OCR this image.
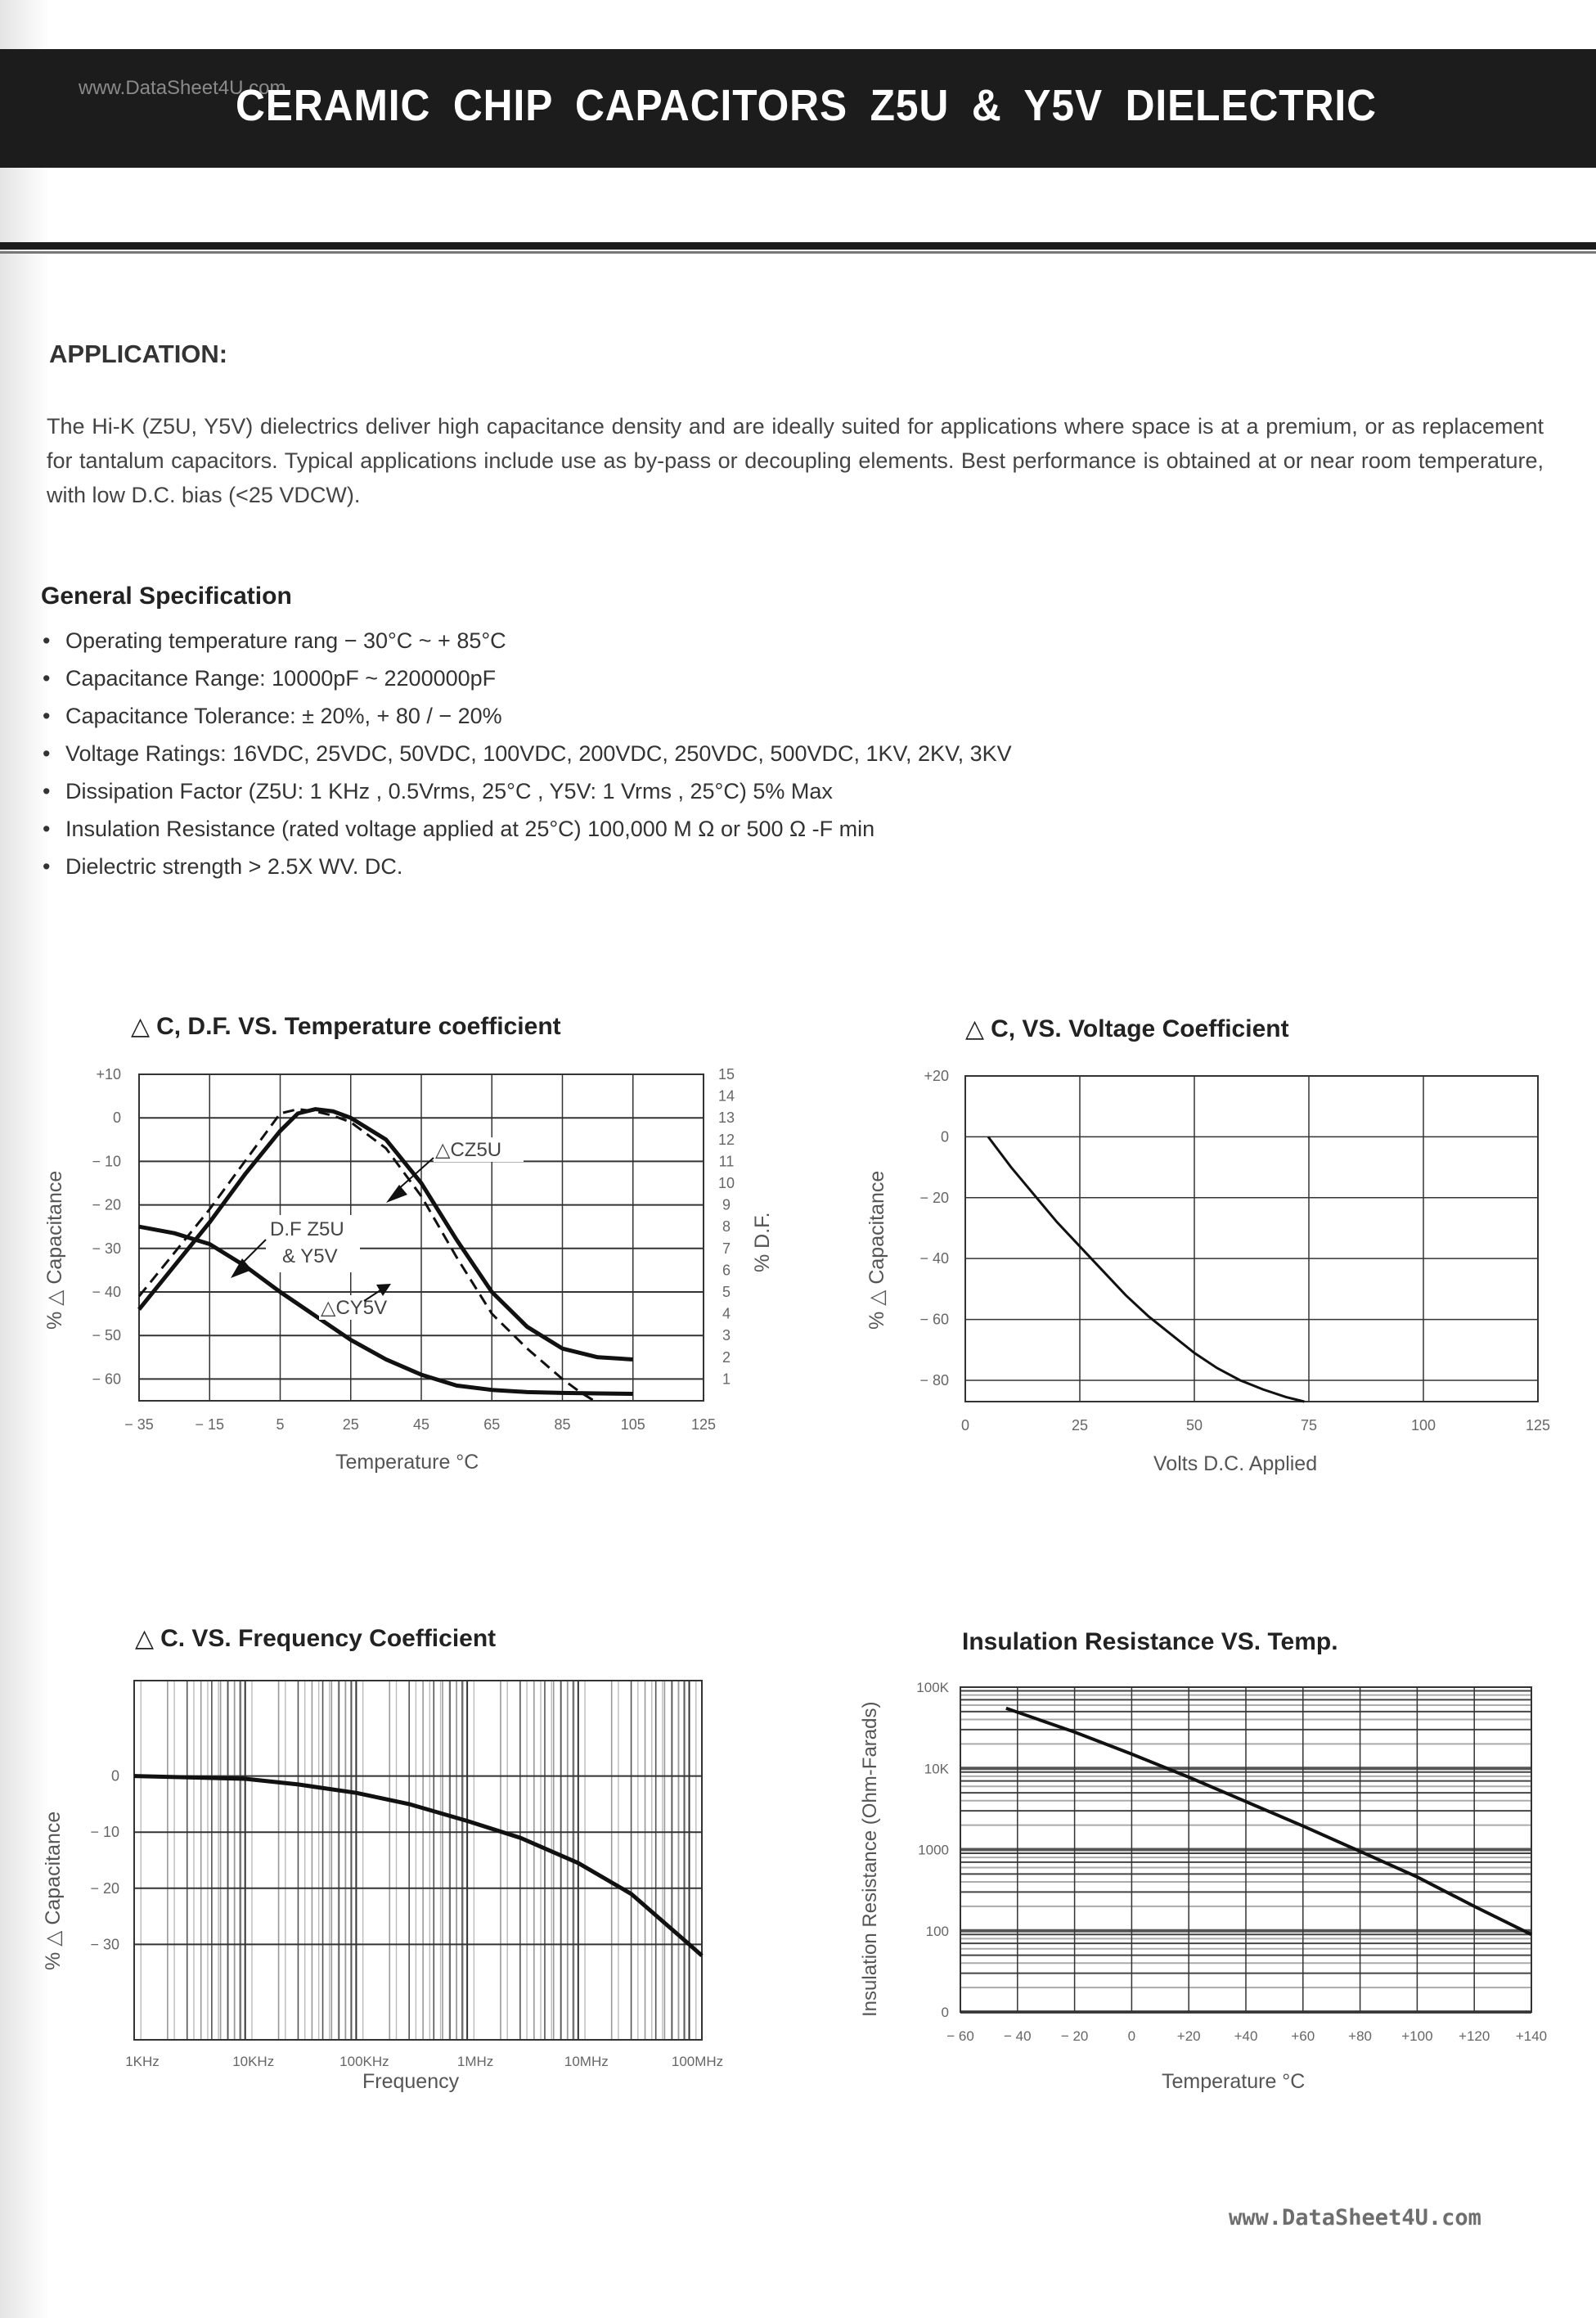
www.DataSheet4U.com
CERAMIC CHIP CAPACITORS Z5U & Y5V DIELECTRIC
APPLICATION:
The Hi-K (Z5U, Y5V) dielectrics deliver high capacitance density and are ideally suited for applications where space is at a premium, or as replacement for tantalum capacitors. Typical applications include use as by-pass or decoupling elements. Best performance is obtained at or near room temperature, with low D.C. bias (<25 VDCW).
General Specification
• Operating temperature rang − 30°C ~ + 85°C
• Capacitance Range: 10000pF ~ 2200000pF
• Capacitance Tolerance: ± 20%, + 80 / − 20%
• Voltage Ratings: 16VDC, 25VDC, 50VDC, 100VDC, 200VDC, 250VDC, 500VDC, 1KV, 2KV, 3KV
• Dissipation Factor (Z5U: 1 KHz , 0.5Vrms, 25°C , Y5V: 1 Vrms , 25°C) 5% Max
• Insulation Resistance (rated voltage applied at 25°C) 100,000 M Ω or 500 Ω -F min
• Dielectric strength > 2.5X WV. DC.
△ C, D.F. VS. Temperature coefficient
% △ Capacitance	% D.F.
Temperature °C
− 35	− 15	5	25	45	65	85	105	125
+10
0
− 10
− 20
− 30
− 40
− 50
− 60
15
14
13
12
11
10
9
8
7
6
5
4
3
2
1
△CZ5U
D.F Z5U
& Y5V
△CY5V
△ C, VS. Voltage Coefficient
% △ Capacitance
Volts D.C. Applied
0	25	50	75	100	125
+20
0
− 20
− 40
− 60
− 80
△ C. VS. Frequency Coefficient
% △ Capacitance
Frequency
1KHz	10KHz	100KHz	1MHz	10MHz	100MHz
0
− 10
− 20
− 30
Insulation Resistance VS. Temp.
Insulation Resistance (Ohm-Farads)
Temperature °C
− 60 − 40 − 20	0	+20 +40 +60 +80 +100 +120 +140
100K
10K
1000
100
0
www.DataSheet4U.com
